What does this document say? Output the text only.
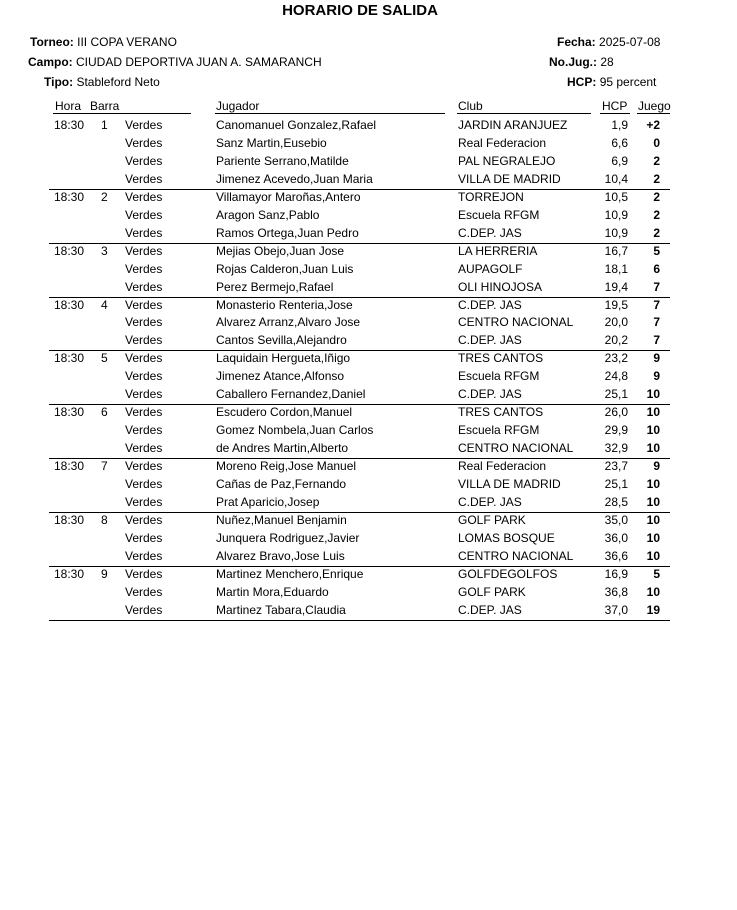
HORARIO DE SALIDA
Torneo: III COPA VERANO
Campo: CIUDAD DEPORTIVA JUAN A. SAMARANCH
Tipo: Stableford Neto
Fecha: 2025-07-08
No.Jug.: 28
HCP: 95 percent
Hora Barra	Jugador	Club	HCP Juego
18:30 1 Verdes	Canomanuel Gonzalez,Rafael	JARDIN ARANJUEZ	1,9	+2
Verdes	Sanz Martin,Eusebio	Real Federacion	6,6	0
Verdes	Pariente Serrano,Matilde	PAL NEGRALEJO	6,9	2
Verdes	Jimenez Acevedo,Juan Maria	VILLA DE MADRID	10,4	2
18:30 2 Verdes	Villamayor Maroñas,Antero	TORREJON	10,5	2
Verdes	Aragon Sanz,Pablo	Escuela RFGM	10,9	2
Verdes	Ramos Ortega,Juan Pedro	C.DEP. JAS	10,9	2
18:30 3 Verdes	Mejias Obejo,Juan Jose	LA HERRERIA	16,7	5
Verdes	Rojas Calderon,Juan Luis	AUPAGOLF	18,1	6
Verdes	Perez Bermejo,Rafael	OLI HINOJOSA	19,4	7
18:30 4 Verdes	Monasterio Renteria,Jose	C.DEP. JAS	19,5	7
Verdes	Alvarez Arranz,Alvaro Jose	CENTRO NACIONAL	20,0	7
Verdes	Cantos Sevilla,Alejandro	C.DEP. JAS	20,2	7
18:30 5 Verdes	Laquidain Hergueta,Iñigo	TRES CANTOS	23,2	9
Verdes	Jimenez Atance,Alfonso	Escuela RFGM	24,8	9
Verdes	Caballero Fernandez,Daniel	C.DEP. JAS	25,1	10
18:30 6 Verdes	Escudero Cordon,Manuel	TRES CANTOS	26,0	10
Verdes	Gomez Nombela,Juan Carlos	Escuela RFGM	29,9	10
Verdes	de Andres Martin,Alberto	CENTRO NACIONAL	32,9	10
18:30 7 Verdes	Moreno Reig,Jose Manuel	Real Federacion	23,7	9
Verdes	Cañas de Paz,Fernando	VILLA DE MADRID	25,1	10
Verdes	Prat Aparicio,Josep	C.DEP. JAS	28,5	10
18:30 8 Verdes	Nuñez,Manuel Benjamin	GOLF PARK	35,0	10
Verdes	Junquera Rodriguez,Javier	LOMAS BOSQUE	36,0	10
Verdes	Alvarez Bravo,Jose Luis	CENTRO NACIONAL	36,6	10
18:30 9 Verdes	Martinez Menchero,Enrique	GOLFDEGOLFOS	16,9	5
Verdes	Martin Mora,Eduardo	GOLF PARK	36,8	10
Verdes	Martinez Tabara,Claudia	C.DEP. JAS	37,0	19
